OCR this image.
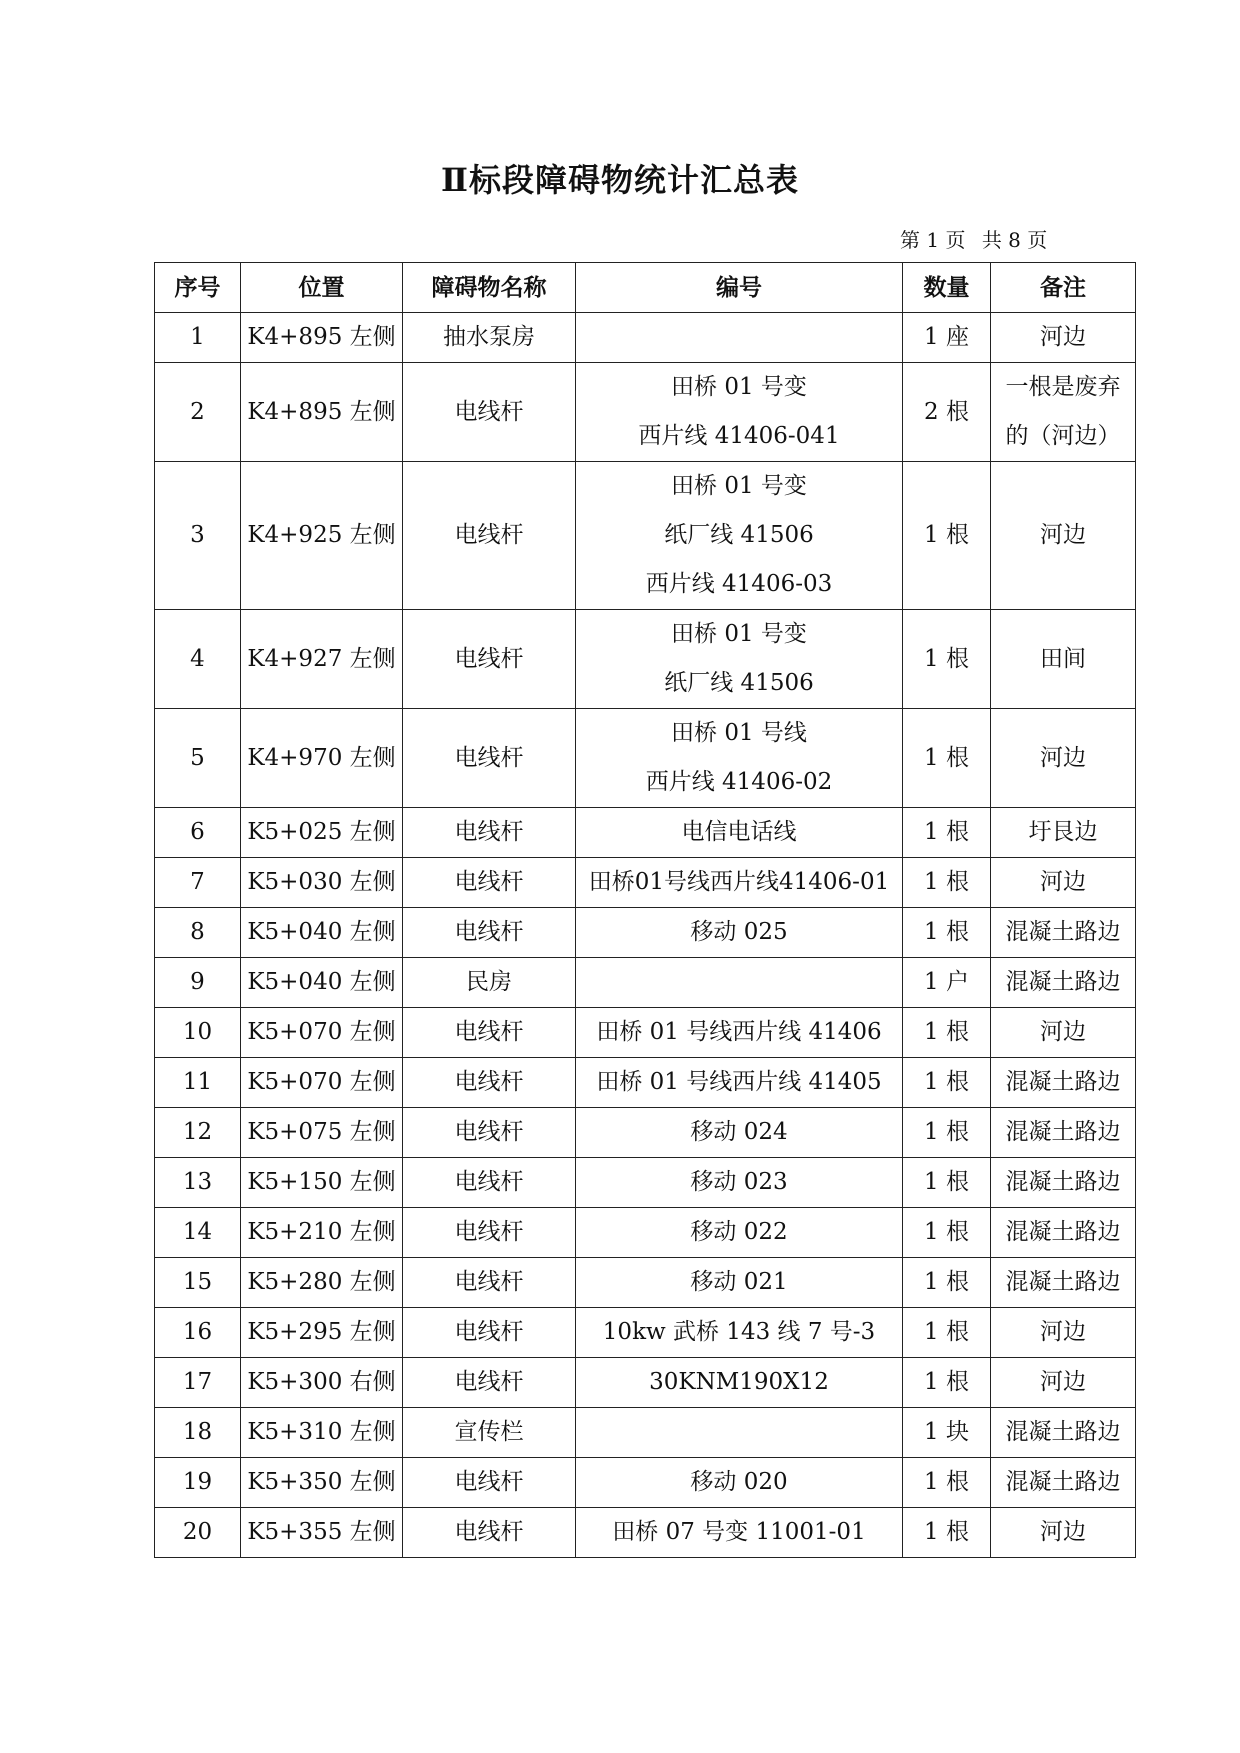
Ⅱ标段障碍物统计汇总表
第 1 页 共 8 页
序号	位置	障碍物名称	编号	数量	备注
1	K4+895 左侧	抽水泵房		1 座	河边

2	K4+895 左侧	电线杆	田桥 01 号变
西片线 41406-041	2 根	一根是废弃
的（河边）

3	K4+925 左侧	电线杆	田桥 01 号变
纸厂线 41506
西片线 41406-03	1 根	河边

4	K4+927 左侧	电线杆	田桥 01 号变
纸厂线 41506	1 根	田间

5	K4+970 左侧	电线杆	田桥 01 号线
西片线 41406-02	1 根	河边

6	K5+025 左侧	电线杆	电信电话线	1 根	圩艮边

7	K5+030 左侧	电线杆	田桥01号线西片线41406-01	1 根	河边

8	K5+040 左侧	电线杆	移动 025	1 根	混凝土路边

9	K5+040 左侧	民房		1 户	混凝土路边

10	K5+070 左侧	电线杆	田桥 01 号线西片线 41406	1 根	河边

11	K5+070 左侧	电线杆	田桥 01 号线西片线 41405	1 根	混凝土路边

12	K5+075 左侧	电线杆	移动 024	1 根	混凝土路边

13	K5+150 左侧	电线杆	移动 023	1 根	混凝土路边

14	K5+210 左侧	电线杆	移动 022	1 根	混凝土路边

15	K5+280 左侧	电线杆	移动 021	1 根	混凝土路边

16	K5+295 左侧	电线杆	10kw 武桥 143 线 7 号-3	1 根	河边

17	K5+300 右侧	电线杆	30KNM190X12	1 根	河边

18	K5+310 左侧	宣传栏		1 块	混凝土路边

19	K5+350 左侧	电线杆	移动 020	1 根	混凝土路边

20	K5+355 左侧	电线杆	田桥 07 号变 11001-01	1 根	河边
